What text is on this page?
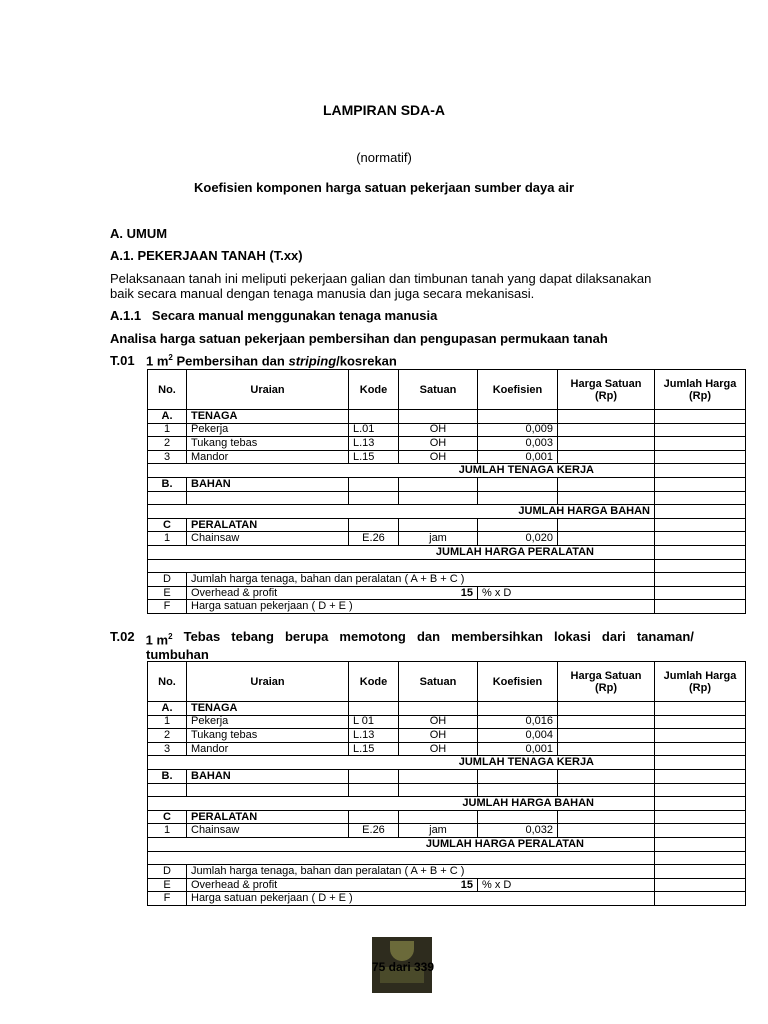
LAMPIRAN SDA-A
(normatif)
Koefisien komponen harga satuan pekerjaan sumber daya air
A. UMUM
A.1. PEKERJAAN TANAH (T.xx)
Pelaksanaan tanah ini meliputi pekerjaan galian dan timbunan tanah yang dapat dilaksanakan baik secara manual dengan tenaga manusia dan juga secara mekanisasi.
A.1.1 Secara manual menggunakan tenaga manusia
Analisa harga satuan pekerjaan pembersihan dan pengupasan permukaan tanah
T.01 1 $m^2$ Pembersihan dan striping/kosrekan
No.	Uraian	Kode	Satuan	Koefisien	Harga Satuan (Rp)	Jumlah Harga (Rp)
A.	TENAGA					
1	Pekerja	L.01	OH	0,009		
2	Tukang tebas	L.13	OH	0,003		
3	Mandor	L.15	OH	0,001		
JUMLAH TENAGA KERJA						
B.	BAHAN					

JUMLAH HARGA BAHAN						
C	PERALATAN					
1	Chainsaw	E.26	jam	0,020		
JUMLAH HARGA PERALATAN						

D	Jumlah harga tenaga, bahan dan peralatan ( A + B + C )					
E	Overhead & profit		15	% x D		
F	Harga satuan pekerjaan ( D + E )					
T.02 1 $m^2$ Tebas tebang berupa memotong dan membersihkan lokasi dari tanaman/
tumbuhan
No.	Uraian	Kode	Satuan	Koefisien	Harga Satuan (Rp)	Jumlah Harga (Rp)
A.	TENAGA					
1	Pekerja	L 01	OH	0,016		
2	Tukang tebas	L.13	OH	0,004		
3	Mandor	L.15	OH	0,001		
JUMLAH TENAGA KERJA						
B.	BAHAN					

JUMLAH HARGA BAHAN						
C	PERALATAN					
1	Chainsaw	E.26	jam	0,032		
JUMLAH HARGA PERALATAN						

D	Jumlah harga tenaga, bahan dan peralatan ( A + B + C )					
E	Overhead & profit		15	% x D		
F	Harga satuan pekerjaan ( D + E )					
75 dari 339
